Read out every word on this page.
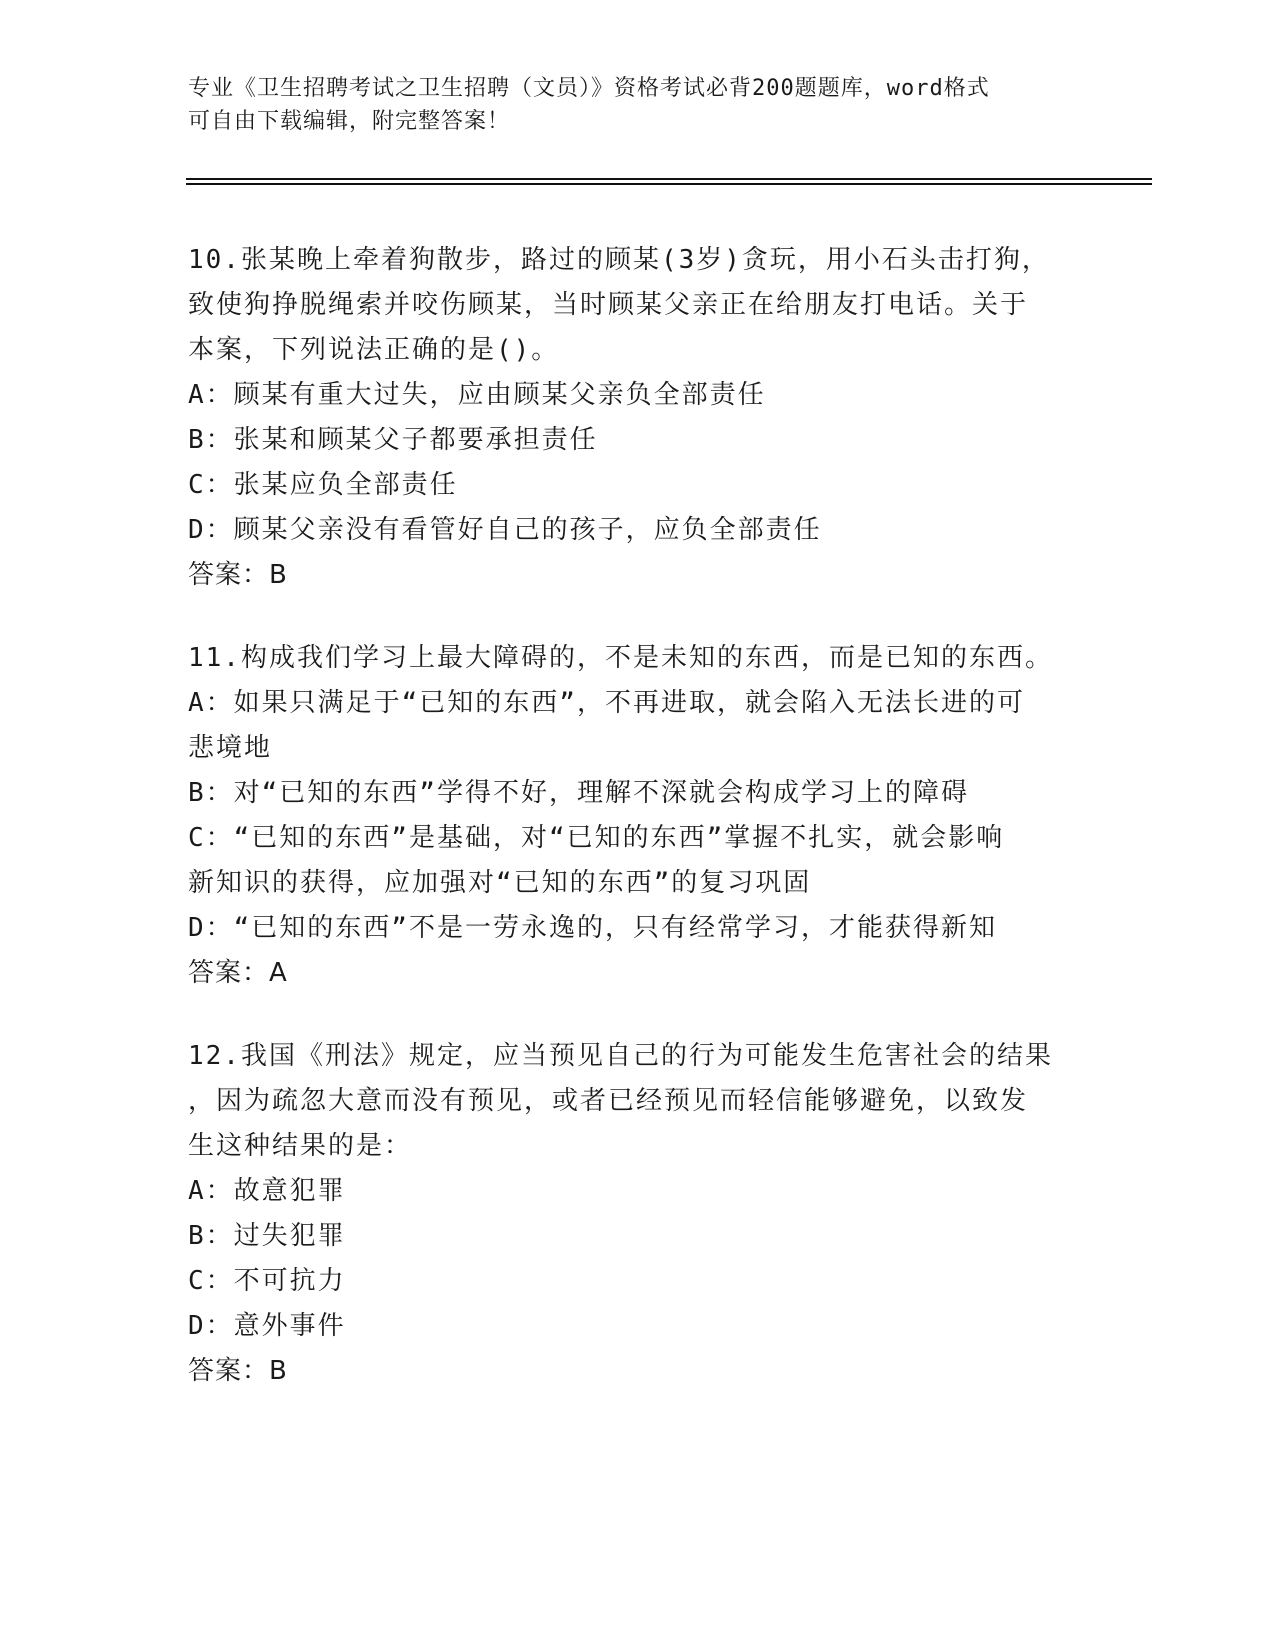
专业《卫生招聘考试之卫生招聘（文员）》资格考试必背200题题库，word格式
可自由下载编辑，附完整答案！

10.张某晚上牵着狗散步，路过的顾某(3岁)贪玩，用小石头击打狗，
致使狗挣脱绳索并咬伤顾某，当时顾某父亲正在给朋友打电话。关于
本案，下列说法正确的是()。

A：顾某有重大过失，应由顾某父亲负全部责任

B：张某和顾某父子都要承担责任

C：张某应负全部责任

D：顾某父亲没有看管好自己的孩子，应负全部责任

答案：B

11.构成我们学习上最大障碍的，不是未知的东西，而是已知的东西。

A：如果只满足于“已知的东西”，不再进取，就会陷入无法长进的可
悲境地

B：对“已知的东西”学得不好，理解不深就会构成学习上的障碍

C：“已知的东西”是基础，对“已知的东西”掌握不扎实，就会影响
新知识的获得，应加强对“已知的东西”的复习巩固

D：“已知的东西”不是一劳永逸的，只有经常学习，才能获得新知

答案：A

12.我国《刑法》规定，应当预见自己的行为可能发生危害社会的结果
，因为疏忽大意而没有预见，或者已经预见而轻信能够避免，以致发
生这种结果的是：

A：故意犯罪

B：过失犯罪

C：不可抗力

D：意外事件

答案：B
